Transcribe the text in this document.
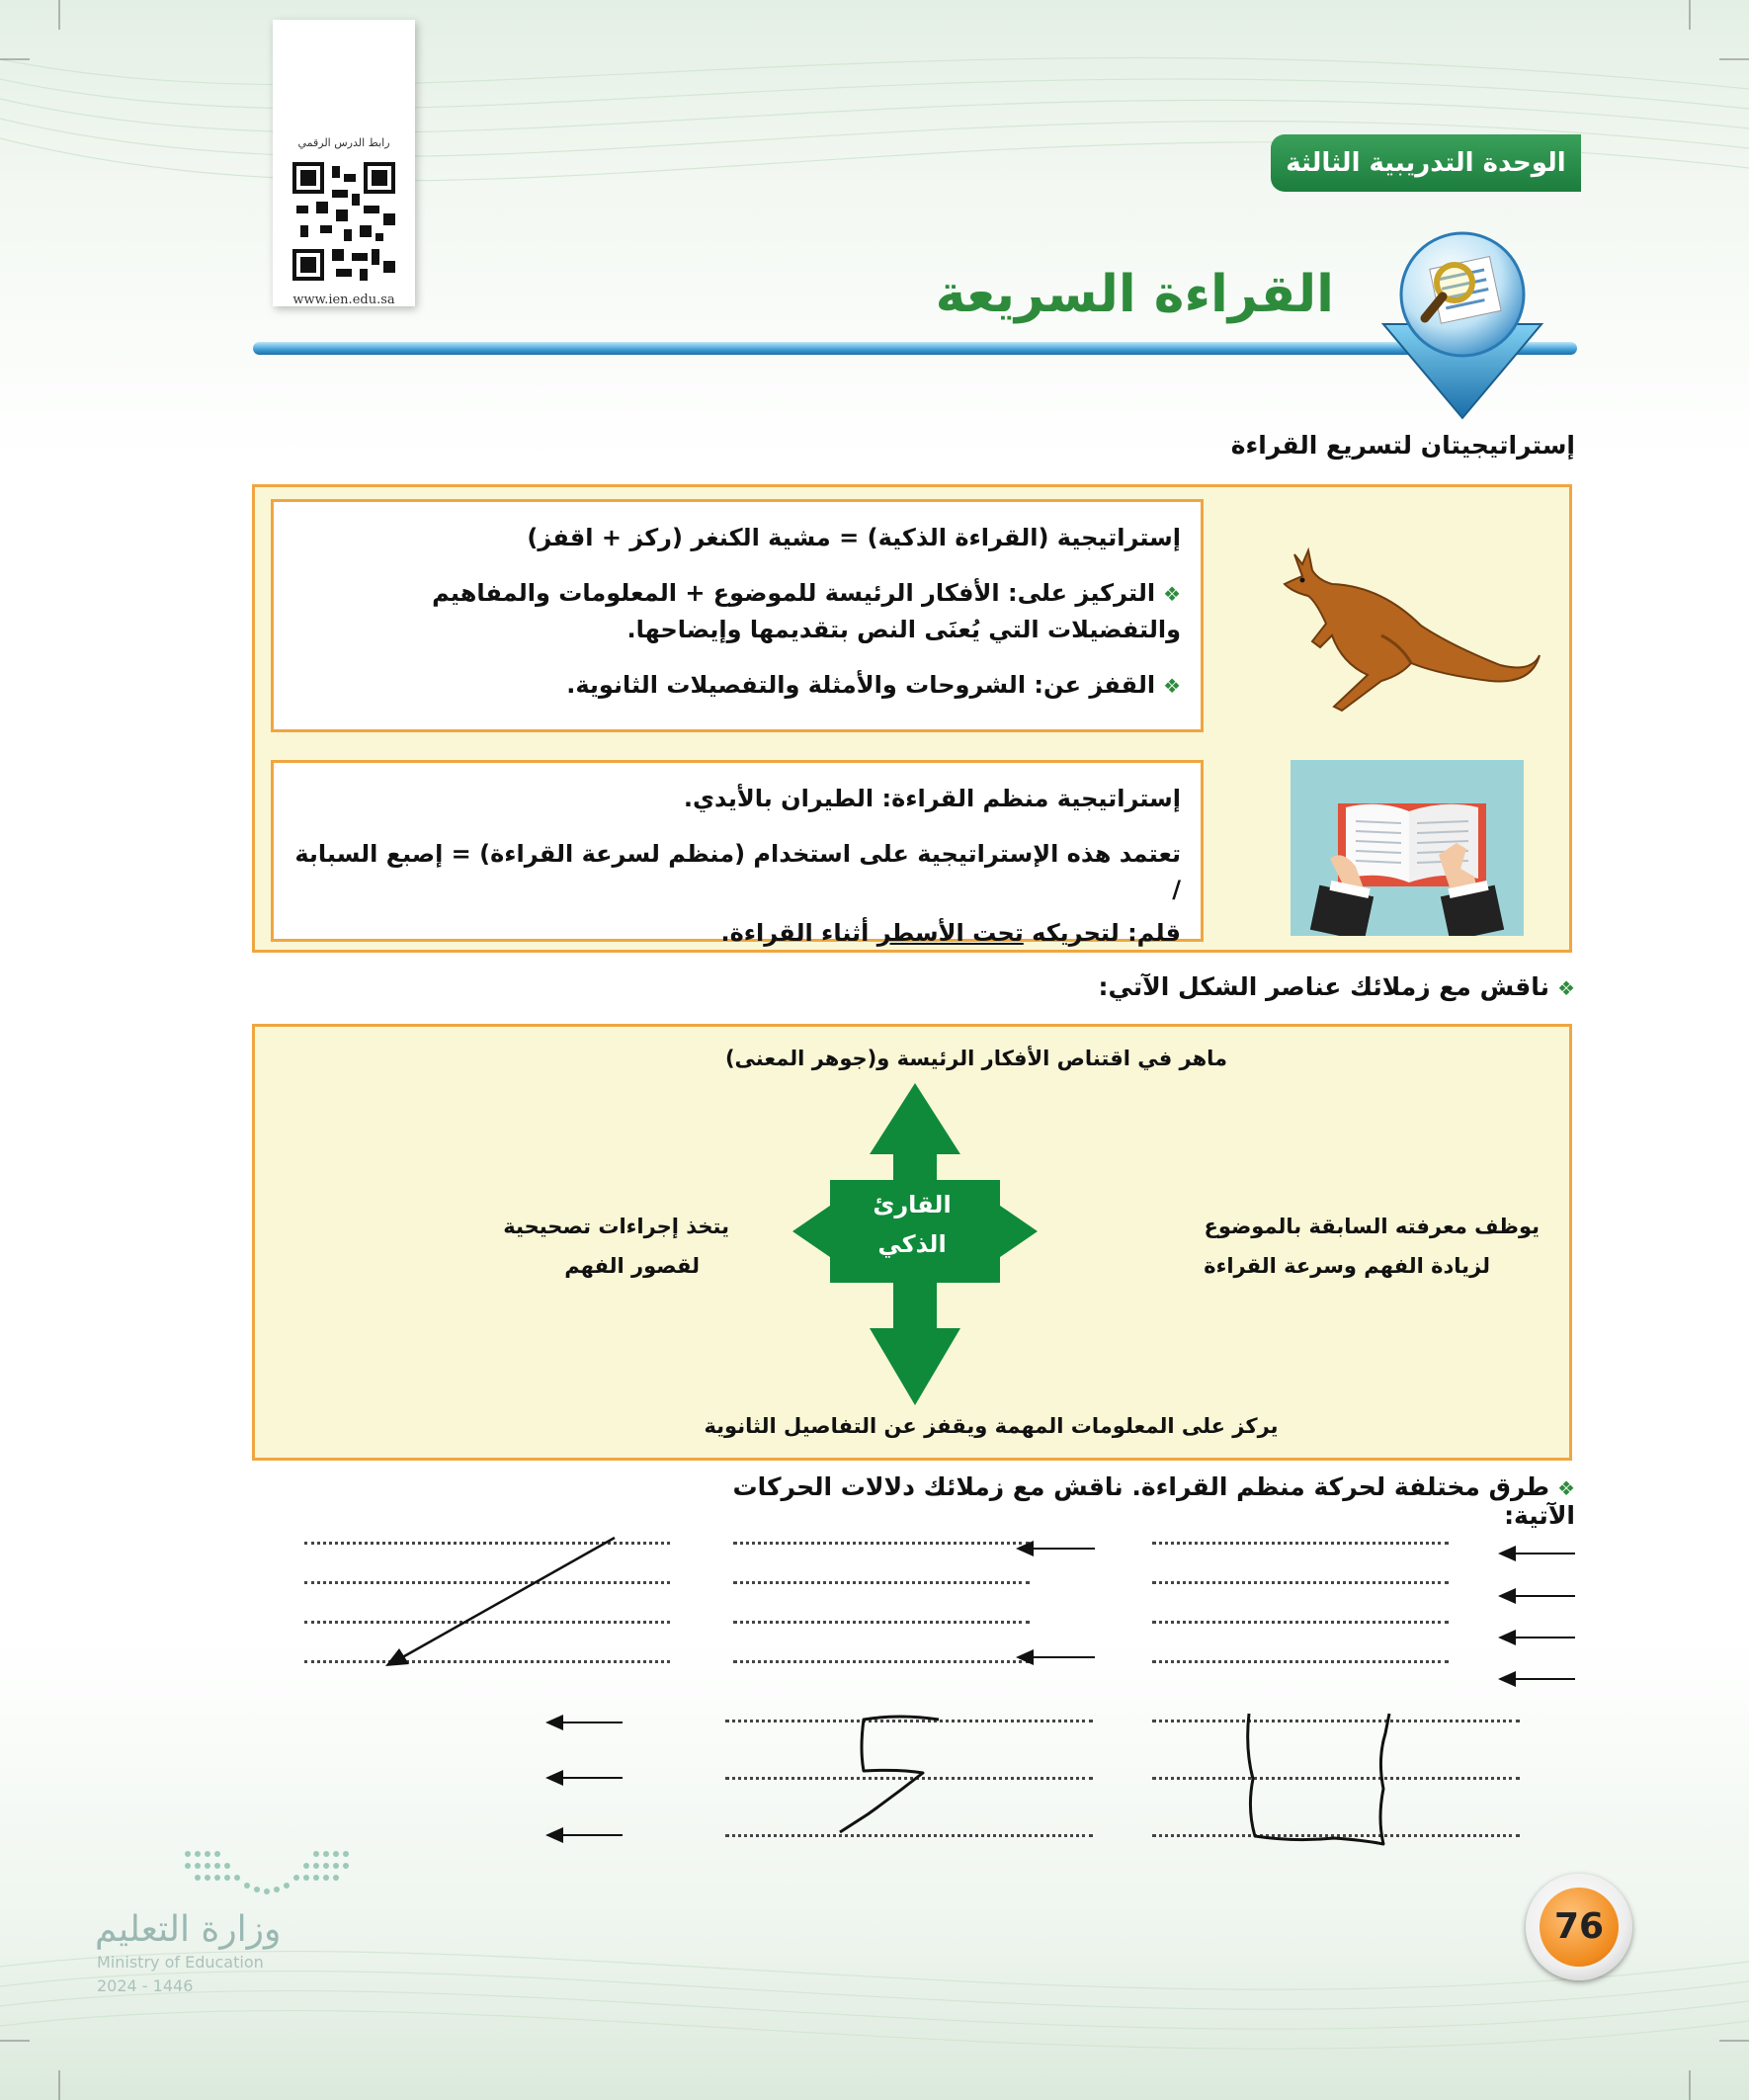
رابط الدرس الرقمي
www.ien.edu.sa
الوحدة التدريبية الثالثة
القراءة السريعة
إستراتيجيتان لتسريع القراءة

إستراتيجية (القراءة الذكية) = مشية الكنغر (ركز + اقفز)

❖التركيز على: الأفكار الرئيسة للموضوع + المعلومات والمفاهيم والتفضيلات التي يُعنَى النص بتقديمها وإيضاحها.

❖القفز عن: الشروحات والأمثلة والتفصيلات الثانوية.

إستراتيجية منظم القراءة: الطيران بالأيدي.

تعتمد هذه الإستراتيجية على استخدام (منظم لسرعة القراءة) = إصبع السبابة /

قلم: لتحريكه تحت الأسطر أثناء القراءة.

❖ناقش مع زملائك عناصر الشكل الآتي:
القارئ
الذكي
ماهر في اقتناص الأفكار الرئيسة و(جوهر المعنى)
يوظف معرفته السابقة بالموضوع
لزيادة الفهم وسرعة القراءة
يتخذ إجراءات تصحيحية
لقصور الفهم
يركز على المعلومات المهمة ويقفز عن التفاصيل الثانوية
❖طرق مختلفة لحركة منظم القراءة. ناقش مع زملائك دلالات الحركات الآتية:
76
وزارة التعليم
Ministry of Education
2024 - 1446
